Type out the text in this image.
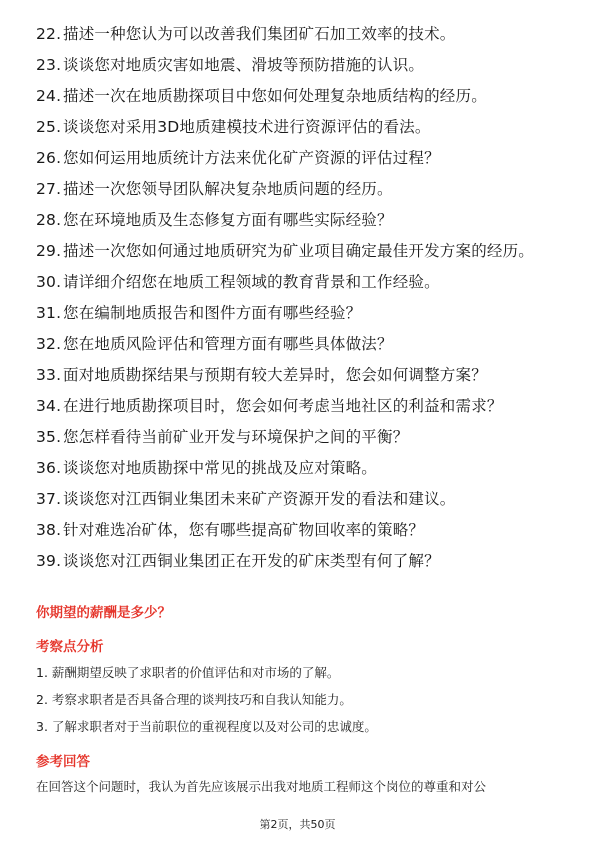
22. 描述一种您认为可以改善我们集团矿石加工效率的技术。
23. 谈谈您对地质灾害如地震、滑坡等预防措施的认识。
24. 描述一次在地质勘探项目中您如何处理复杂地质结构的经历。
25. 谈谈您对采用3D地质建模技术进行资源评估的看法。
26. 您如何运用地质统计方法来优化矿产资源的评估过程？
27. 描述一次您领导团队解决复杂地质问题的经历。
28. 您在环境地质及生态修复方面有哪些实际经验？
29. 描述一次您如何通过地质研究为矿业项目确定最佳开发方案的经历。
30. 请详细介绍您在地质工程领域的教育背景和工作经验。
31. 您在编制地质报告和图件方面有哪些经验？
32. 您在地质风险评估和管理方面有哪些具体做法？
33. 面对地质勘探结果与预期有较大差异时，您会如何调整方案？
34. 在进行地质勘探项目时，您会如何考虑当地社区的利益和需求？
35. 您怎样看待当前矿业开发与环境保护之间的平衡？
36. 谈谈您对地质勘探中常见的挑战及应对策略。
37. 谈谈您对江西铜业集团未来矿产资源开发的看法和建议。
38. 针对难选冶矿体，您有哪些提高矿物回收率的策略？
39. 谈谈您对江西铜业集团正在开发的矿床类型有何了解？
你期望的薪酬是多少？
考察点分析
1. 薪酬期望反映了求职者的价值评估和对市场的了解。
2. 考察求职者是否具备合理的谈判技巧和自我认知能力。
3. 了解求职者对于当前职位的重视程度以及对公司的忠诚度。
参考回答
在回答这个问题时，我认为首先应该展示出我对地质工程师这个岗位的尊重和对公
第2页，共50页
